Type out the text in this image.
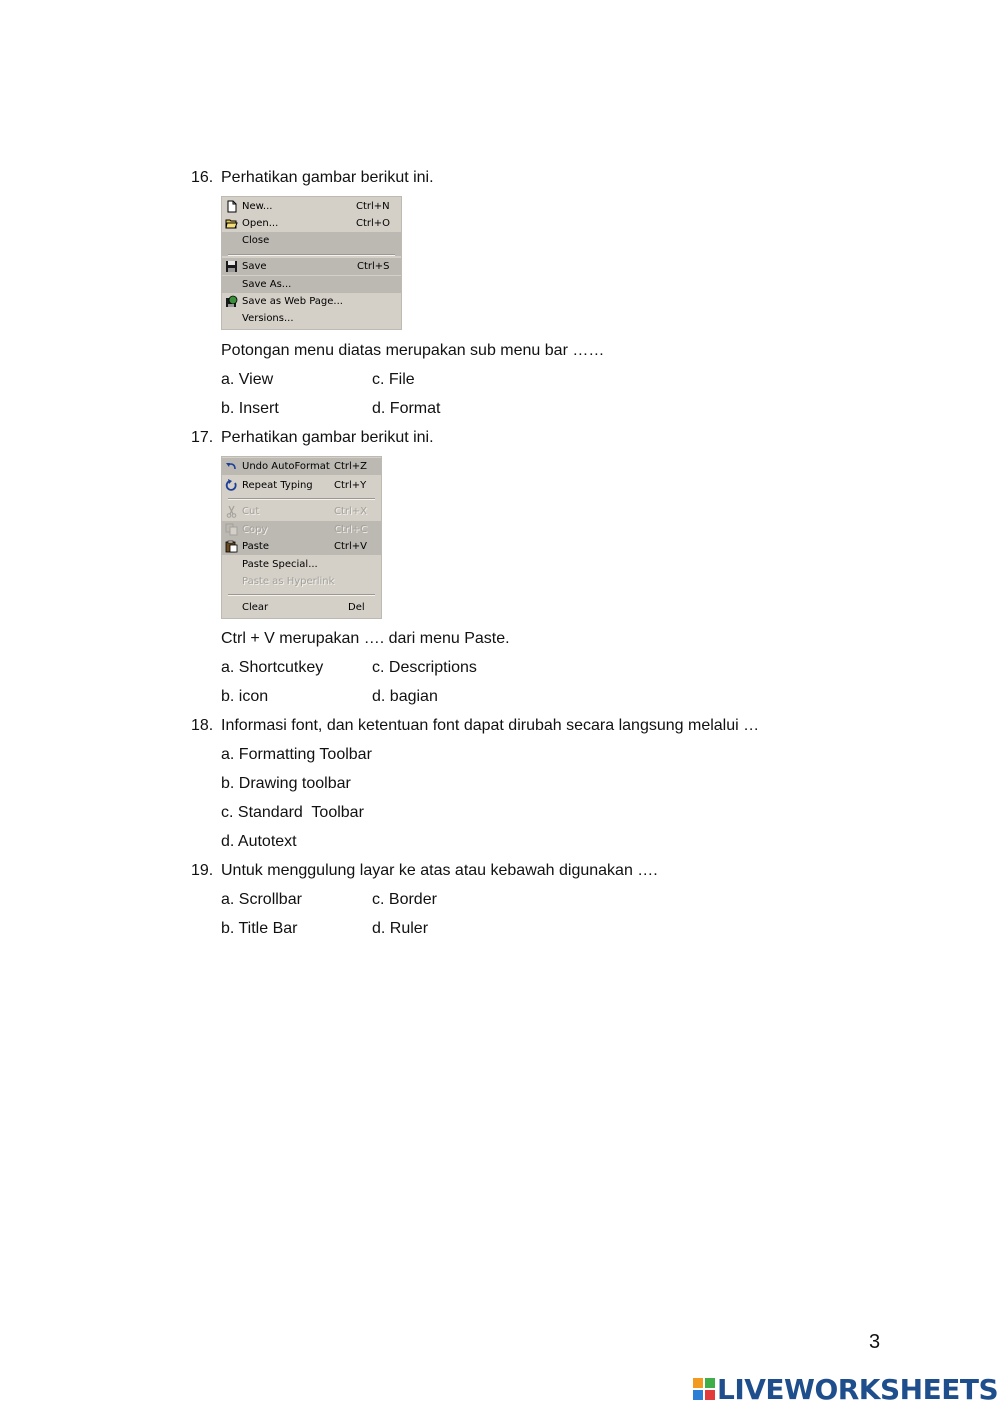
16. Perhatikan gambar berikut ini.
New...	Ctrl+N
Open...	Ctrl+O
Close
Save	Ctrl+S
Save As...
Save as Web Page...
Versions...
Potongan menu diatas merupakan sub menu bar ……
a. View	c. File
b. Insert	d. Format
17. Perhatikan gambar berikut ini.
Undo AutoFormat Ctrl+Z
Repeat Typing Ctrl+Y
Cut	Ctrl+X
Copy	Ctrl+C
Paste	Ctrl+V
Paste Special...
Paste as Hyperlink
Clear	Del
Ctrl + V merupakan …. dari menu Paste.
a. Shortcutkey	c. Descriptions
b. icon	d. bagian
18. Informasi font, dan ketentuan font dapat dirubah secara langsung melalui …
a. Formatting Toolbar
b. Drawing toolbar
c. Standard  Toolbar
d. Autotext
19. Untuk menggulung layar ke atas atau kebawah digunakan ….
a. Scrollbar	c. Border
b. Title Bar	d. Ruler
3
LIVEWORKSHEETS
